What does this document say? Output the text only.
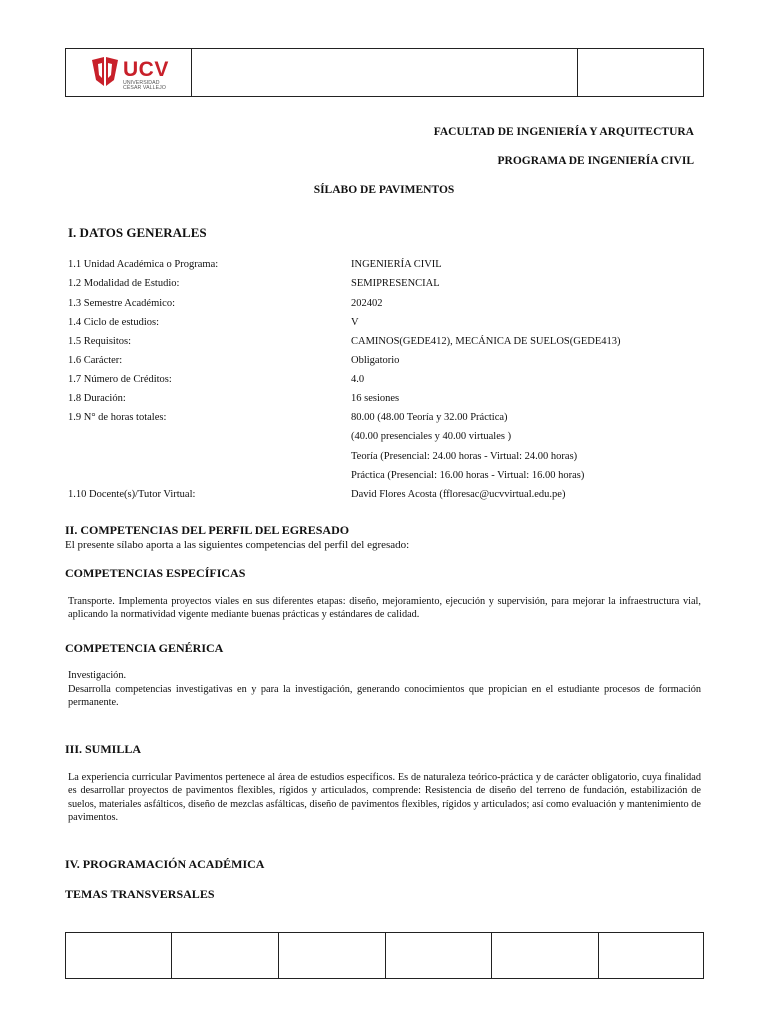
UCV
UNIVERSIDAD
CÉSAR VALLEJO
FACULTAD DE INGENIERÍA Y ARQUITECTURA
PROGRAMA DE INGENIERÍA CIVIL
SÍLABO DE PAVIMENTOS
I. DATOS GENERALES
1.1 Unidad Académica o Programa:	INGENIERÍA CIVIL
1.2 Modalidad de Estudio:	SEMIPRESENCIAL
1.3 Semestre Académico:	202402
1.4 Ciclo de estudios:	V
1.5 Requisitos:	CAMINOS(GEDE412), MECÁNICA DE SUELOS(GEDE413)
1.6 Carácter:	Obligatorio
1.7 Número de Créditos:	4.0
1.8 Duración:	16 sesiones
1.9 N° de horas totales:	80.00 (48.00 Teoría y 32.00 Práctica)
(40.00 presenciales y 40.00 virtuales )
Teoría (Presencial: 24.00 horas - Virtual: 24.00 horas)
Práctica (Presencial: 16.00 horas - Virtual: 16.00 horas)
1.10 Docente(s)/Tutor Virtual:	David Flores Acosta (ffloresac@ucvvirtual.edu.pe)
II. COMPETENCIAS DEL PERFIL DEL EGRESADO
El presente sílabo aporta a las siguientes competencias del perfil del egresado:
COMPETENCIAS ESPECÍFICAS
Transporte. Implementa proyectos viales en sus diferentes etapas: diseño, mejoramiento, ejecución y supervisión, para mejorar la infraestructura vial, aplicando la normatividad vigente mediante buenas prácticas y estándares de calidad.
COMPETENCIA GENÉRICA
Investigación.
Desarrolla competencias investigativas en y para la investigación, generando conocimientos que propician en el estudiante procesos de formación permanente.
III. SUMILLA
La experiencia curricular Pavimentos pertenece al área de estudios específicos. Es de naturaleza teórico-práctica y de carácter obligatorio, cuya finalidad es desarrollar proyectos de pavimentos flexibles, rígidos y articulados, comprende: Resistencia de diseño del terreno de fundación, estabilización de suelos, materiales asfálticos, diseño de mezclas asfálticas, diseño de pavimentos flexibles, rígidos y articulados; así como evaluación y mantenimiento de pavimentos.
IV. PROGRAMACIÓN ACADÉMICA
TEMAS TRANSVERSALES
